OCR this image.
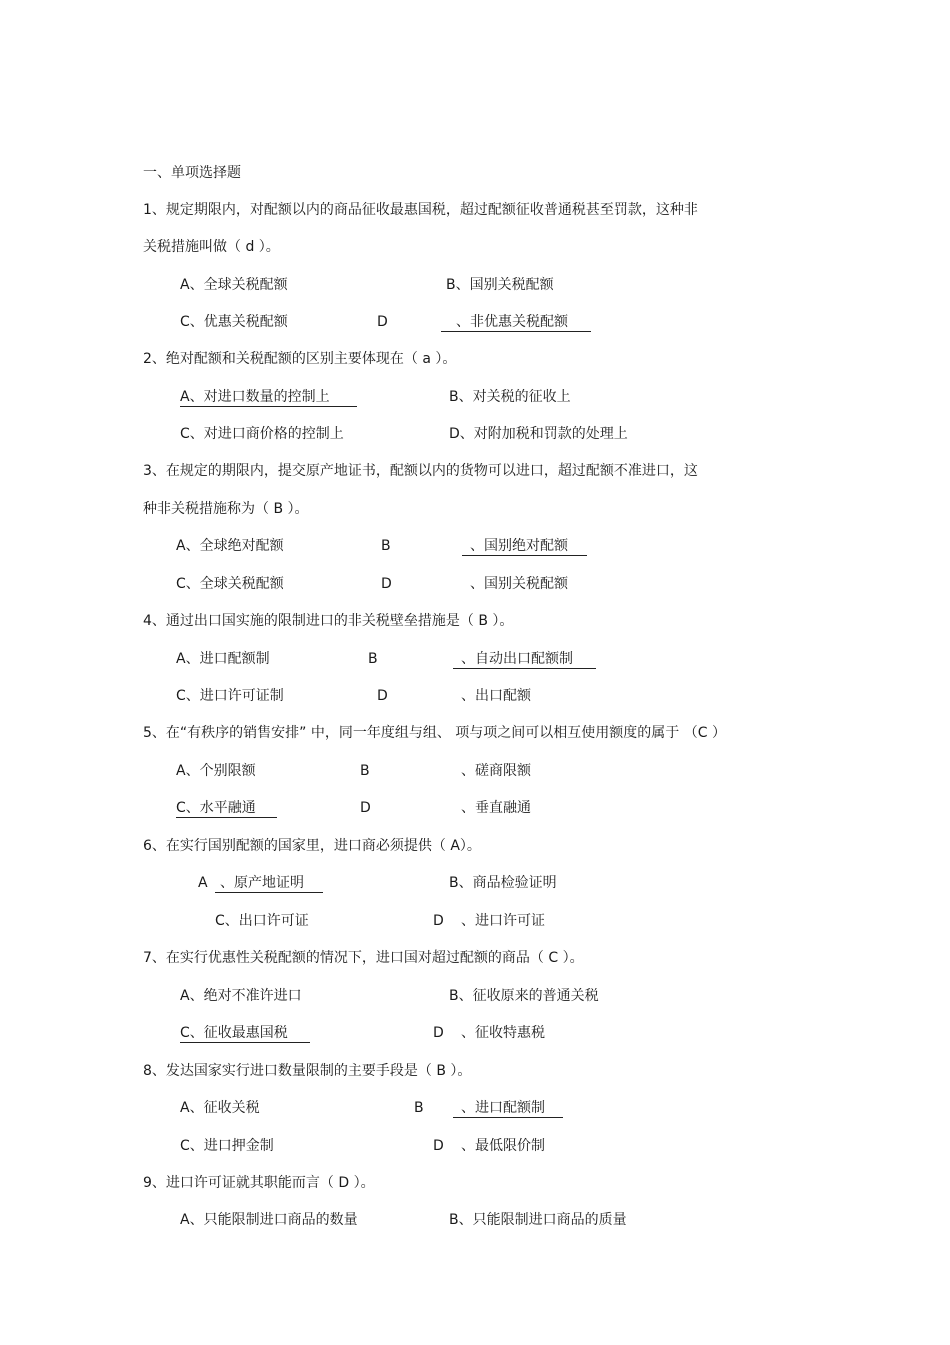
一、单项选择题
1、规定期限内，对配额以内的商品征收最惠国税，超过配额征收普通税甚至罚款，这种非
关税措施叫做（ d ）。
A、全球关税配额	B、国别关税配额
C、优惠关税配额	D	、非优惠关税配额
2、绝对配额和关税配额的区别主要体现在（ a ）。
A、对进口数量的控制上	B、对关税的征收上
C、对进口商价格的控制上	D、对附加税和罚款的处理上
3、在规定的期限内，提交原产地证书，配额以内的货物可以进口，超过配额不准进口，这
种非关税措施称为（ B ）。
A、全球绝对配额	B	、国别绝对配额
C、全球关税配额	D	、国别关税配额
4、通过出口国实施的限制进口的非关税壁垒措施是（ B ）。
A、进口配额制	B	、自动出口配额制
C、进口许可证制	D	、出口配额
5、在“有秩序的销售安排” 中，同一年度组与组、 项与项之间可以相互使用额度的属于 （C ）
A、个别限额	B	、磋商限额
C、水平融通	D	、垂直融通
6、在实行国别配额的国家里，进口商必须提供（ A）。
A 、原产地证明	B、商品检验证明
C、出口许可证	D 、进口许可证
7、在实行优惠性关税配额的情况下，进口国对超过配额的商品（ C ）。
A、绝对不准许进口	B、征收原来的普通关税
C、征收最惠国税	D 、征收特惠税
8、发达国家实行进口数量限制的主要手段是（ B ）。
A、征收关税	B	、进口配额制
C、进口押金制	D 、最低限价制
9、进口许可证就其职能而言（ D ）。
A、只能限制进口商品的数量	B、只能限制进口商品的质量
